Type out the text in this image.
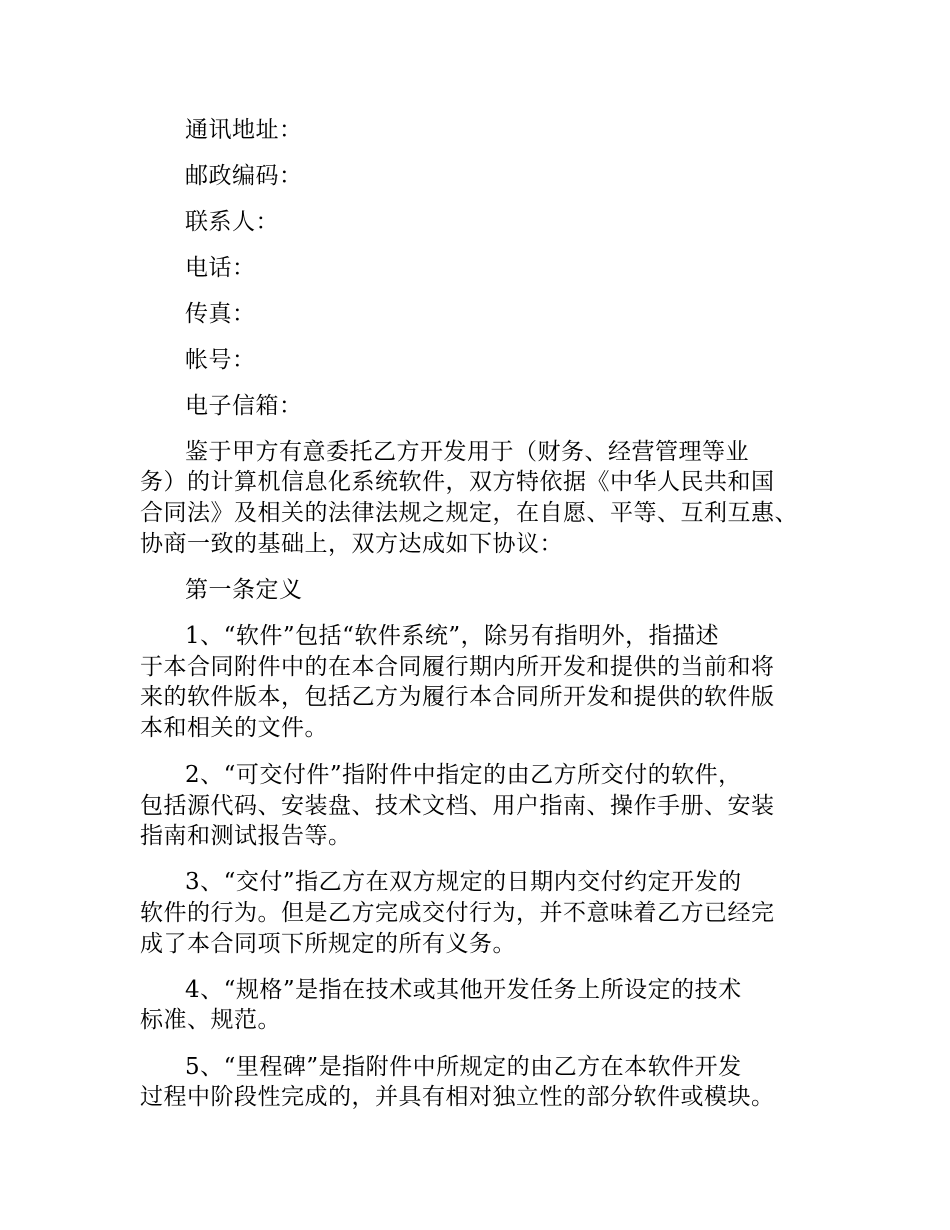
通讯地址：
邮政编码：
联系人：
电话：
传真：
帐号：
电子信箱：
鉴于甲方有意委托乙方开发用于（财务、经营管理等业
务）的计算机信息化系统软件，双方特依据《中华人民共和国
合同法》及相关的法律法规之规定，在自愿、平等、互利互惠、
协商一致的基础上，双方达成如下协议：
第一条定义
1、“软件”包括“软件系统”，除另有指明外，指描述
于本合同附件中的在本合同履行期内所开发和提供的当前和将
来的软件版本，包括乙方为履行本合同所开发和提供的软件版
本和相关的文件。
2、“可交付件”指附件中指定的由乙方所交付的软件，
包括源代码、安装盘、技术文档、用户指南、操作手册、安装
指南和测试报告等。
3、“交付”指乙方在双方规定的日期内交付约定开发的
软件的行为。但是乙方完成交付行为，并不意味着乙方已经完
成了本合同项下所规定的所有义务。
4、“规格”是指在技术或其他开发任务上所设定的技术
标准、规范。
5、“里程碑”是指附件中所规定的由乙方在本软件开发
过程中阶段性完成的，并具有相对独立性的部分软件或模块。
